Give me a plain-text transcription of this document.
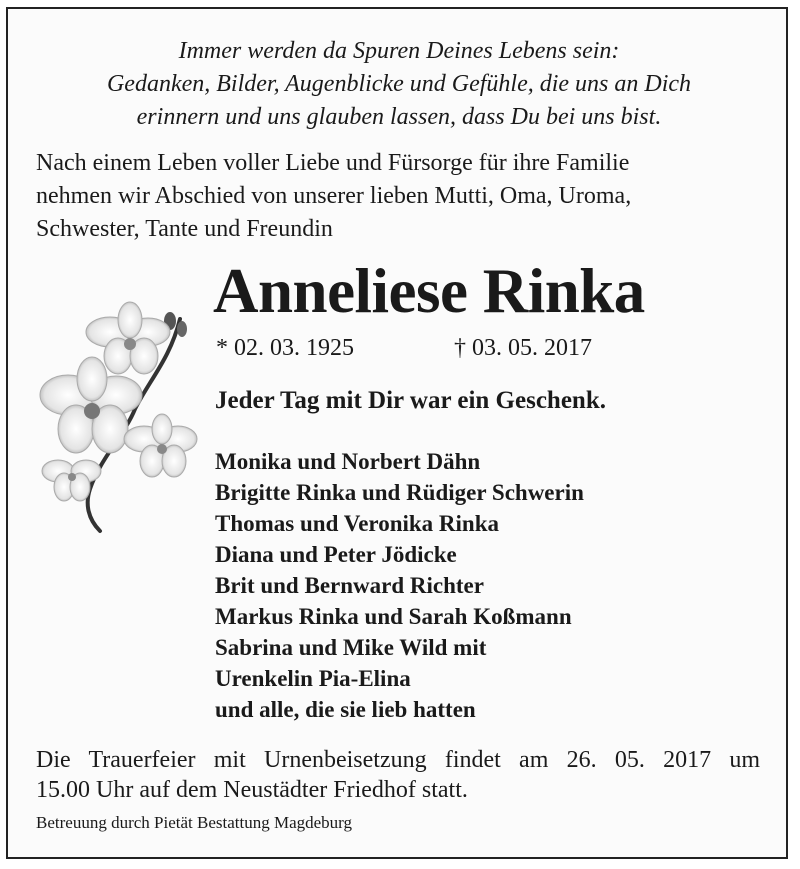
Immer werden da Spuren Deines Lebens sein:
Gedanken, Bilder, Augenblicke und Gefühle, die uns an Dich
erinnern und uns glauben lassen, dass Du bei uns bist.

Nach einem Leben voller Liebe und Fürsorge für ihre Familie
nehmen wir Abschied von unserer lieben Mutti, Oma, Uroma,
Schwester, Tante und Freundin

Anneliese Rinka
* 02. 03. 1925	† 03. 05. 2017

Jeder Tag mit Dir war ein Geschenk.

Monika und Norbert Dähn
Brigitte Rinka und Rüdiger Schwerin
Thomas und Veronika Rinka
Diana und Peter Jödicke
Brit und Bernward Richter
Markus Rinka und Sarah Koßmann
Sabrina und Mike Wild mit
Urenkelin Pia-Elina
und alle, die sie lieb hatten

Die Trauerfeier mit Urnenbeisetzung findet am 26. 05. 2017 um
15.00 Uhr auf dem Neustädter Friedhof statt.

Betreuung durch Pietät Bestattung Magdeburg
